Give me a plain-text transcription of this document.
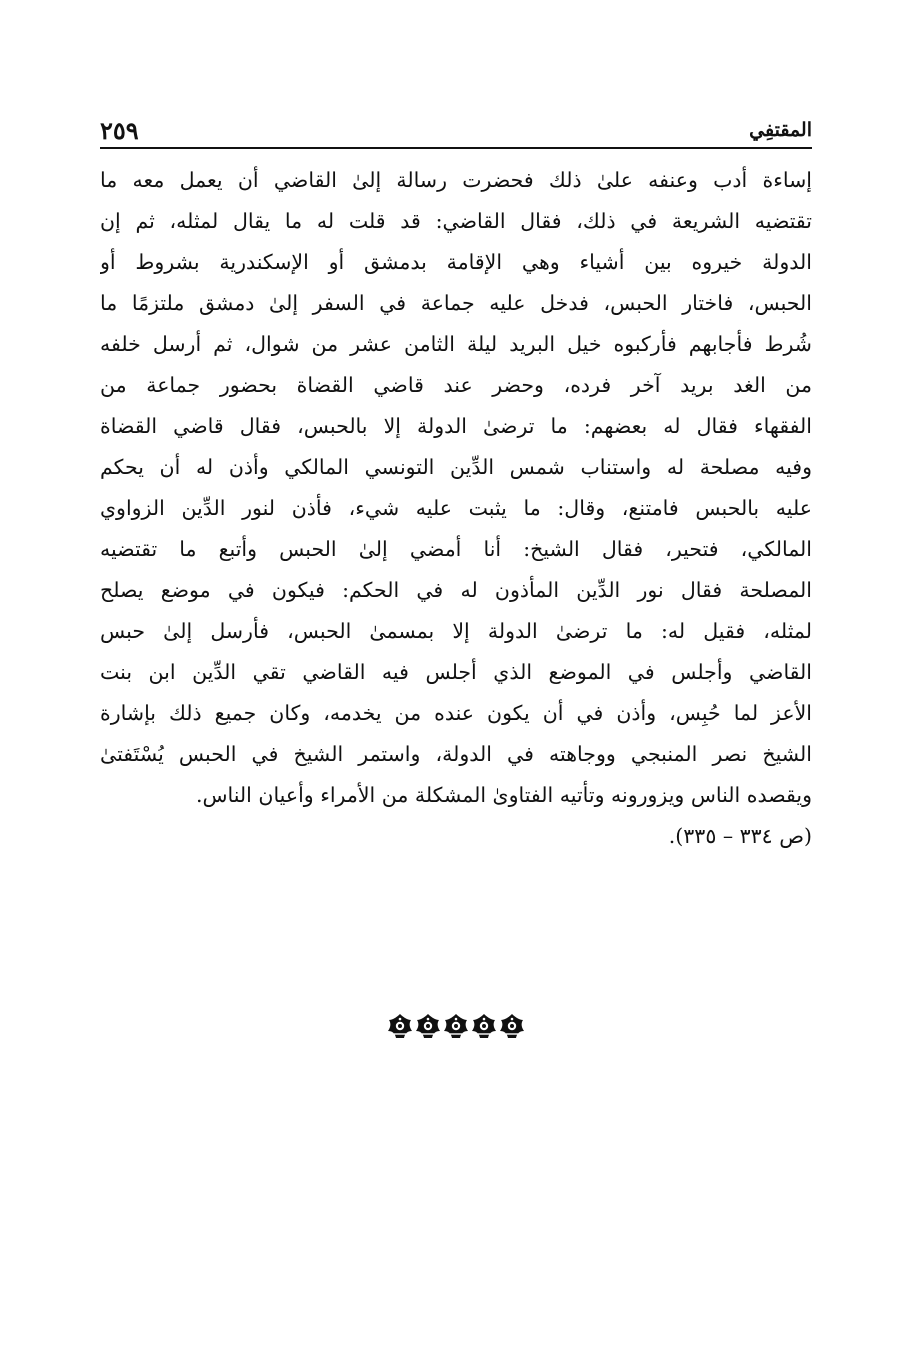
المقتفِي
٢٥٩
إساءة أدب وعنفه علىٰ ذلك فحضرت رسالة إلىٰ القاضي أن يعمل معه ما
تقتضيه الشريعة في ذلك، فقال القاضي: قد قلت له ما يقال لمثله، ثم إن
الدولة خيروه بين أشياء وهي الإقامة بدمشق أو الإسكندرية بشروط أو
الحبس، فاختار الحبس، فدخل عليه جماعة في السفر إلىٰ دمشق ملتزمًا ما
شُرط فأجابهم فأركبوه خيل البريد ليلة الثامن عشر من شوال، ثم أرسل خلفه
من الغد بريد آخر فرده، وحضر عند قاضي القضاة بحضور جماعة من
الفقهاء فقال له بعضهم: ما ترضىٰ الدولة إلا بالحبس، فقال قاضي القضاة
وفيه مصلحة له واستناب شمس الدِّين التونسي المالكي وأذن له أن يحكم
عليه بالحبس فامتنع، وقال: ما يثبت عليه شيء، فأذن لنور الدِّين الزواوي
المالكي، فتحير، فقال الشيخ: أنا أمضي إلىٰ الحبس وأتبع ما تقتضيه
المصلحة فقال نور الدِّين المأذون له في الحكم: فيكون في موضع يصلح
لمثله، فقيل له: ما ترضىٰ الدولة إلا بمسمىٰ الحبس، فأرسل إلىٰ حبس
القاضي وأجلس في الموضع الذي أجلس فيه القاضي تقي الدِّين ابن بنت
الأعز لما حُبِس، وأذن في أن يكون عنده من يخدمه، وكان جميع ذلك بإشارة
الشيخ نصر المنبجي ووجاهته في الدولة، واستمر الشيخ في الحبس يُسْتَفتىٰ
ويقصده الناس ويزورونه وتأتيه الفتاوىٰ المشكلة من الأمراء وأعيان الناس.
(ص ٣٣٤ – ٣٣٥).
